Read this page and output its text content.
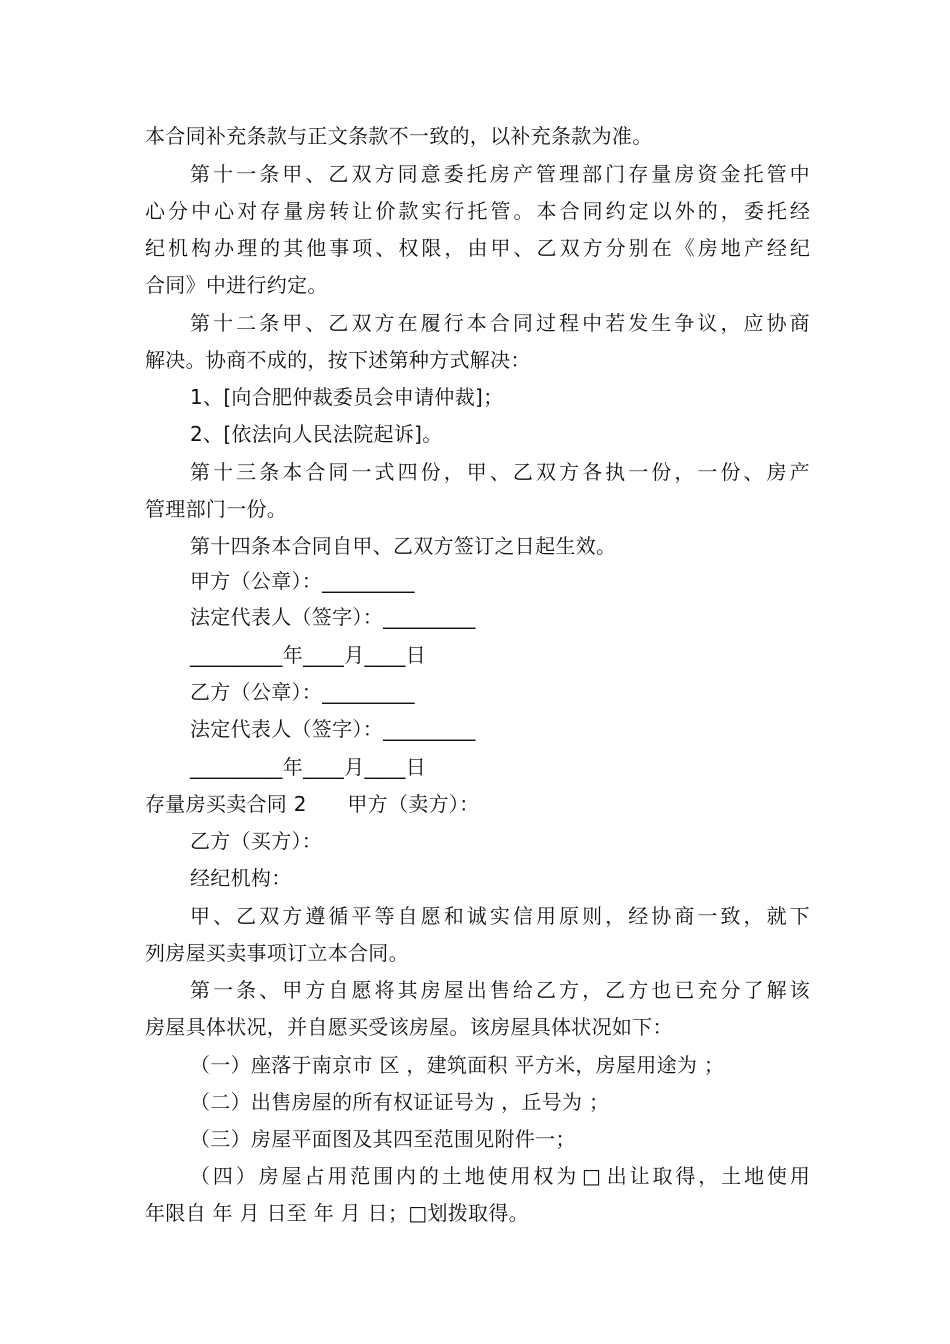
本合同补充条款与正文条款不一致的，以补充条款为准。
第 十 一 条 甲 、 乙 双 方 同 意 委 托 房 产 管 理 部 门 存 量 房 资 金 托 管 中
心 分 中 心 对 存 量 房 转 让 价 款 实 行 托 管 。 本 合 同 约 定 以 外 的 ， 委 托 经
纪 机 构 办 理 的 其 他 事 项 、 权 限 ， 由 甲 、 乙 双 方 分 别 在 《 房 地 产 经 纪
合同》中进行约定。
第 十 二 条 甲 、 乙 双 方 在 履 行 本 合 同 过 程 中 若 发 生 争 议 ， 应 协 商
解决。协商不成的，按下述第种方式解决：
1、[向合肥仲裁委员会申请仲裁]；
2、[依法向人民法院起诉]。
第 十 三 条 本 合 同 一 式 四 份 ， 甲 、 乙 双 方 各 执 一 份 ， 一 份 、 房 产
管理部门一份。
第十四条本合同自甲、乙双方签订之日起生效。
甲方（公章）：_________
法定代表人（签字）：_________
_________年____月____日
乙方（公章）：_________
法定代表人（签字）：_________
_________年____月____日
存量房买卖合同 2　　甲方（卖方）：
乙方（买方）：
经纪机构：
甲 、 乙 双 方 遵 循 平 等 自 愿 和 诚 实 信 用 原 则 ， 经 协 商 一 致 ， 就 下
列房屋买卖事项订立本合同。
第 一 条 、 甲 方 自 愿 将 其 房 屋 出 售 给 乙 方 ， 乙 方 也 已 充 分 了 解 该
房屋具体状况，并自愿买受该房屋。该房屋具体状况如下：
（一）座落于南京市 区 ，建筑面积 平方米，房屋用途为 ；
（二）出售房屋的所有权证证号为 ，丘号为 ；
（三）房屋平面图及其四至范围见附件一；
（ 四 ） 房 屋 占 用 范 围 内 的 土 地 使 用 权 为 □ 出 让 取 得 ， 土 地 使 用
年限自 年 月 日至 年 月 日；□划拨取得。
